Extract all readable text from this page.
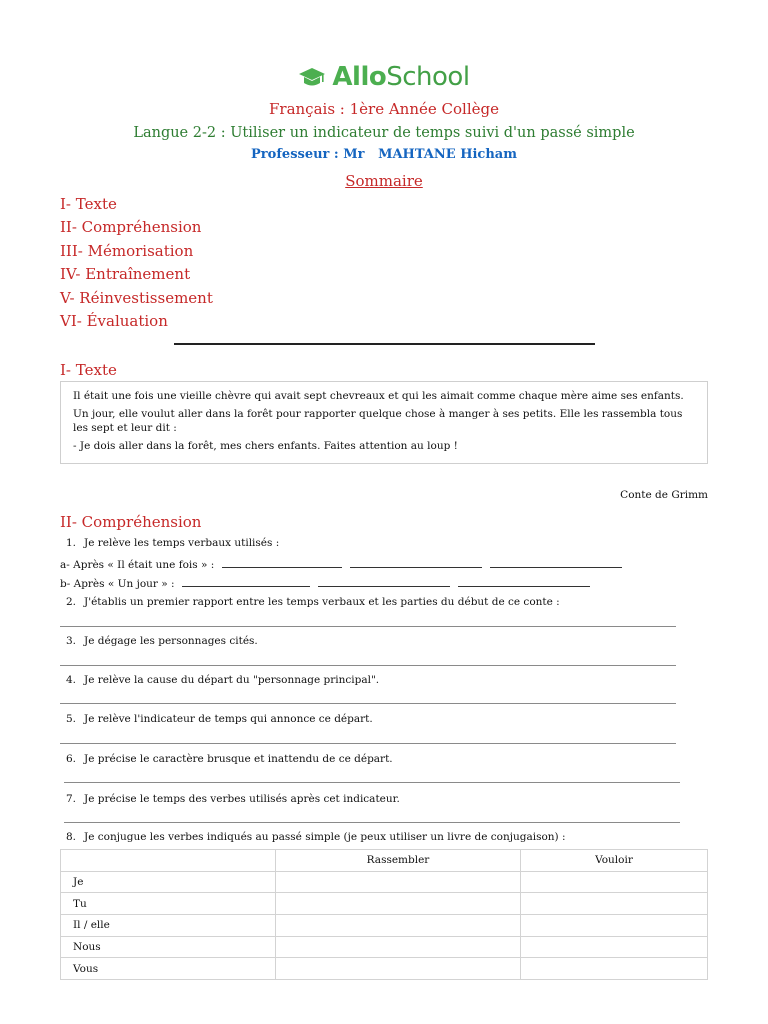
AlloSchool
Français : 1ère Année Collège
Langue 2-2 : Utiliser un indicateur de temps suivi d'un passé simple
Professeur : Mr   MAHTANE Hicham
Sommaire
I- Texte
II- Compréhension
III- Mémorisation
IV- Entraînement
V- Réinvestissement
VI- Évaluation
I- Texte

Il était une fois une vieille chèvre qui avait sept chevreaux et qui les aimait comme chaque mère aime ses enfants.

Un jour, elle voulut aller dans la forêt pour rapporter quelque chose à manger à ses petits. Elle les rassembla tous les sept et leur dit :

- Je dois aller dans la forêt, mes chers enfants. Faites attention au loup !

Conte de Grimm
II- Compréhension
1. Je relève les temps verbaux utilisés :
a- Après « Il était une fois » :
b- Après « Un jour » :
2. J'établis un premier rapport entre les temps verbaux et les parties du début de ce conte :
3. Je dégage les personnages cités.
4. Je relève la cause du départ du "personnage principal".
5. Je relève l'indicateur de temps qui annonce ce départ.
6. Je précise le caractère brusque et inattendu de ce départ.
7. Je précise le temps des verbes utilisés après cet indicateur.
8. Je conjugue les verbes indiqués au passé simple (je peux utiliser un livre de conjugaison) :
	Rassembler	Vouloir
Je		
Tu		
Il / elle		
Nous		
Vous		
